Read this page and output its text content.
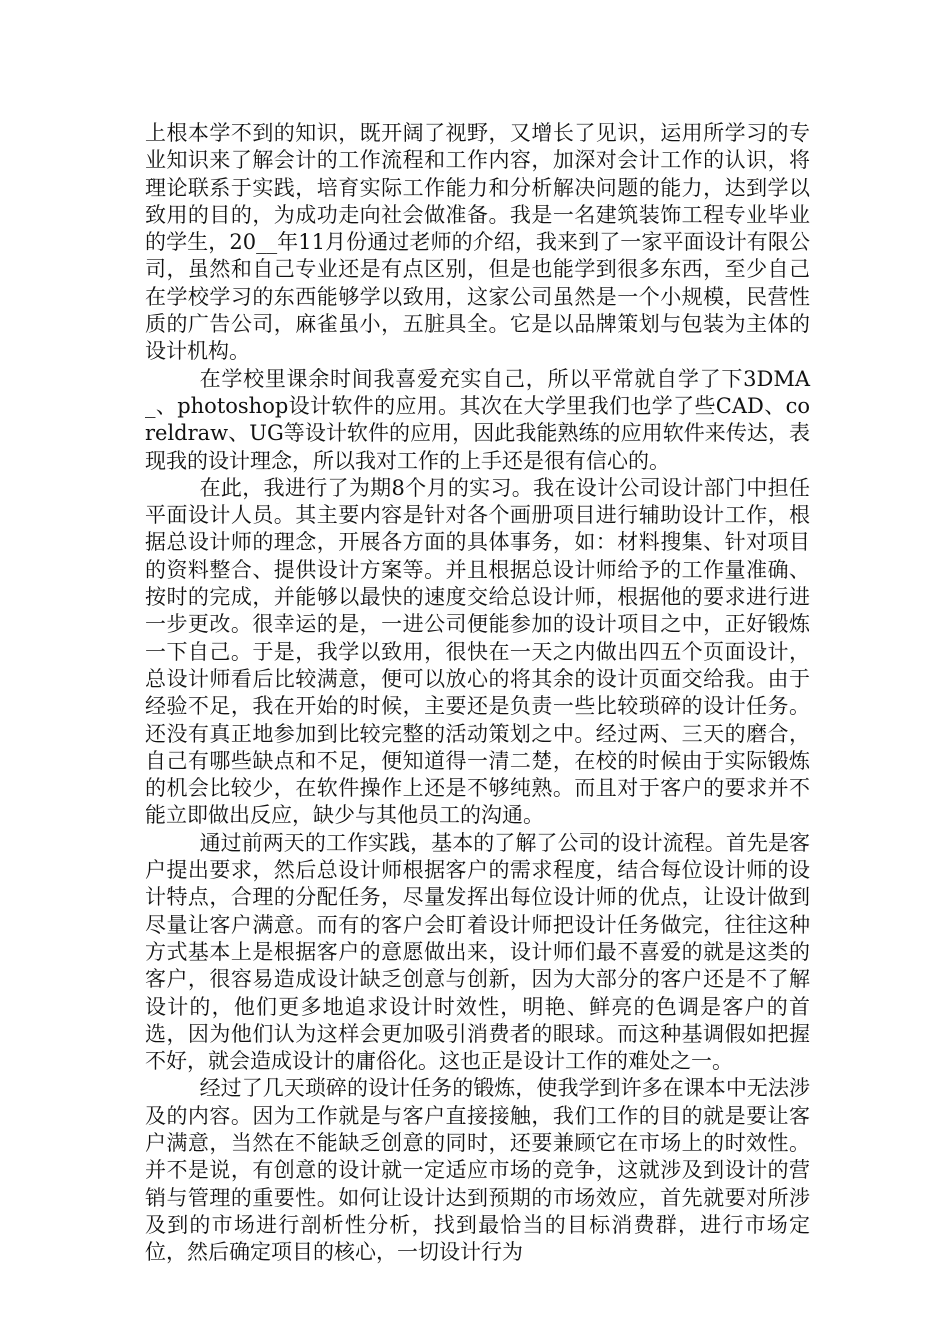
上根本学不到的知识，既开阔了视野，又增长了见识，运用所学习的专业知识来了解会计的工作流程和工作内容，加深对会计工作的认识，将理论联系于实践，培育实际工作能力和分析解决问题的能力，达到学以致用的目的，为成功走向社会做准备。我是一名建筑装饰工程专业毕业的学生，20__年11月份通过老师的介绍，我来到了一家平面设计有限公司，虽然和自己专业还是有点区别，但是也能学到很多东西，至少自己在学校学习的东西能够学以致用，这家公司虽然是一个小规模，民营性质的广告公司，麻雀虽小，五脏具全。它是以品牌策划与包装为主体的设计机构。

在学校里课余时间我喜爱充实自己，所以平常就自学了下3DMA_、photoshop设计软件的应用。其次在大学里我们也学了些CAD、coreldraw、UG等设计软件的应用，因此我能熟练的应用软件来传达，表现我的设计理念，所以我对工作的上手还是很有信心的。

在此，我进行了为期8个月的实习。我在设计公司设计部门中担任平面设计人员。其主要内容是针对各个画册项目进行辅助设计工作，根据总设计师的理念，开展各方面的具体事务，如：材料搜集、针对项目的资料整合、提供设计方案等。并且根据总设计师给予的工作量准确、按时的完成，并能够以最快的速度交给总设计师，根据他的要求进行进一步更改。很幸运的是，一进公司便能参加的设计项目之中，正好锻炼一下自己。于是，我学以致用，很快在一天之内做出四五个页面设计，总设计师看后比较满意，便可以放心的将其余的设计页面交给我。由于经验不足，我在开始的时候，主要还是负责一些比较琐碎的设计任务。还没有真正地参加到比较完整的活动策划之中。经过两、三天的磨合，自己有哪些缺点和不足，便知道得一清二楚，在校的时候由于实际锻炼的机会比较少，在软件操作上还是不够纯熟。而且对于客户的要求并不能立即做出反应，缺少与其他员工的沟通。

通过前两天的工作实践，基本的了解了公司的设计流程。首先是客户提出要求，然后总设计师根据客户的需求程度，结合每位设计师的设计特点，合理的分配任务，尽量发挥出每位设计师的优点，让设计做到尽量让客户满意。而有的客户会盯着设计师把设计任务做完，往往这种方式基本上是根据客户的意愿做出来，设计师们最不喜爱的就是这类的客户，很容易造成设计缺乏创意与创新，因为大部分的客户还是不了解设计的，他们更多地追求设计时效性，明艳、鲜亮的色调是客户的首选，因为他们认为这样会更加吸引消费者的眼球。而这种基调假如把握不好，就会造成设计的庸俗化。这也正是设计工作的难处之一。

经过了几天琐碎的设计任务的锻炼，使我学到许多在课本中无法涉及的内容。因为工作就是与客户直接接触，我们工作的目的就是要让客户满意，当然在不能缺乏创意的同时，还要兼顾它在市场上的时效性。并不是说，有创意的设计就一定适应市场的竞争，这就涉及到设计的营销与管理的重要性。如何让设计达到预期的市场效应，首先就要对所涉及到的市场进行剖析性分析，找到最恰当的目标消费群，进行市场定位，然后确定项目的核心，一切设计行为
